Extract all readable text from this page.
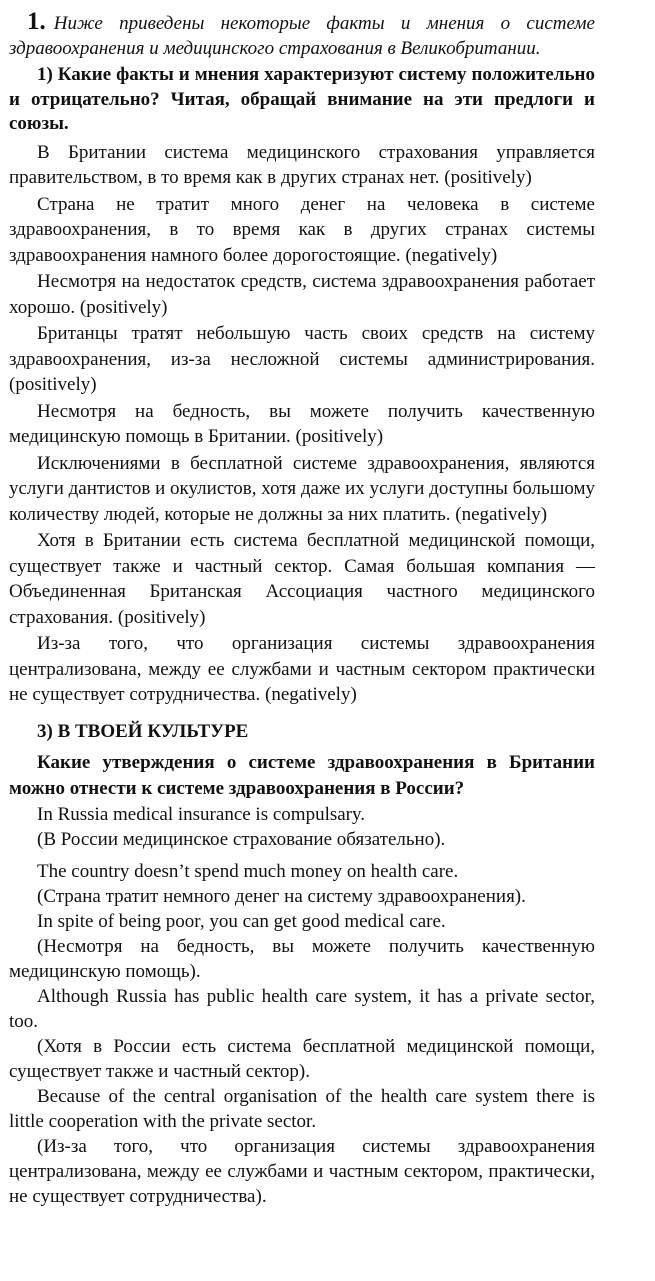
1. Ниже приведены некоторые факты и мнения о системе здравоохранения и медицинского страхования в Великобритании.

1) Какие факты и мнения характеризуют систему положительно и отрицательно? Читая, обращай внимание на эти предлоги и союзы.

В Британии система медицинского страхования управляется правительством, в то время как в других странах нет. (positively)

Страна не тратит много денег на человека в системе здравоохранения, в то время как в других странах системы здравоохранения намного более дорогостоящие. (negatively)

Несмотря на недостаток средств, система здравоохранения работает хорошо. (positively)

Британцы тратят небольшую часть своих средств на систему здравоохранения, из-за несложной системы администрирования. (positively)

Несмотря на бедность, вы можете получить качественную медицинскую помощь в Британии. (positively)

Исключениями в бесплатной системе здравоохранения, являются услуги дантистов и окулистов, хотя даже их услуги доступны большому количеству людей, которые не должны за них платить. (negatively)

Хотя в Британии есть система бесплатной медицинской помощи, существует также и частный сектор. Самая большая компания — Объединенная Британская Ассоциация частного медицинского страхования. (positively)

Из-за того, что организация системы здравоохранения централизована, между ее службами и частным сектором практически не существует сотрудничества. (negatively)

3) В ТВОЕЙ КУЛЬТУРЕ

Какие утверждения о системе здравоохранения в Британии можно отнести к системе здравоохранения в России?

In Russia medical insurance is compulsary.

(В России медицинское страхование обязательно).

The country doesn’t spend much money on health care.

(Страна тратит немного денег на систему здравоохранения).

In spite of being poor, you can get good medical care.

(Несмотря на бедность, вы можете получить качественную медицинскую помощь).

Although Russia has public health care system, it has a private sector, too.

(Хотя в России есть система бесплатной медицинской помощи, существует также и частный сектор).

Because of the central organisation of the health care system there is little cooperation with the private sector.

(Из-за того, что организация системы здравоохранения централизована, между ее службами и частным сектором, практически, не существует сотрудничества).
